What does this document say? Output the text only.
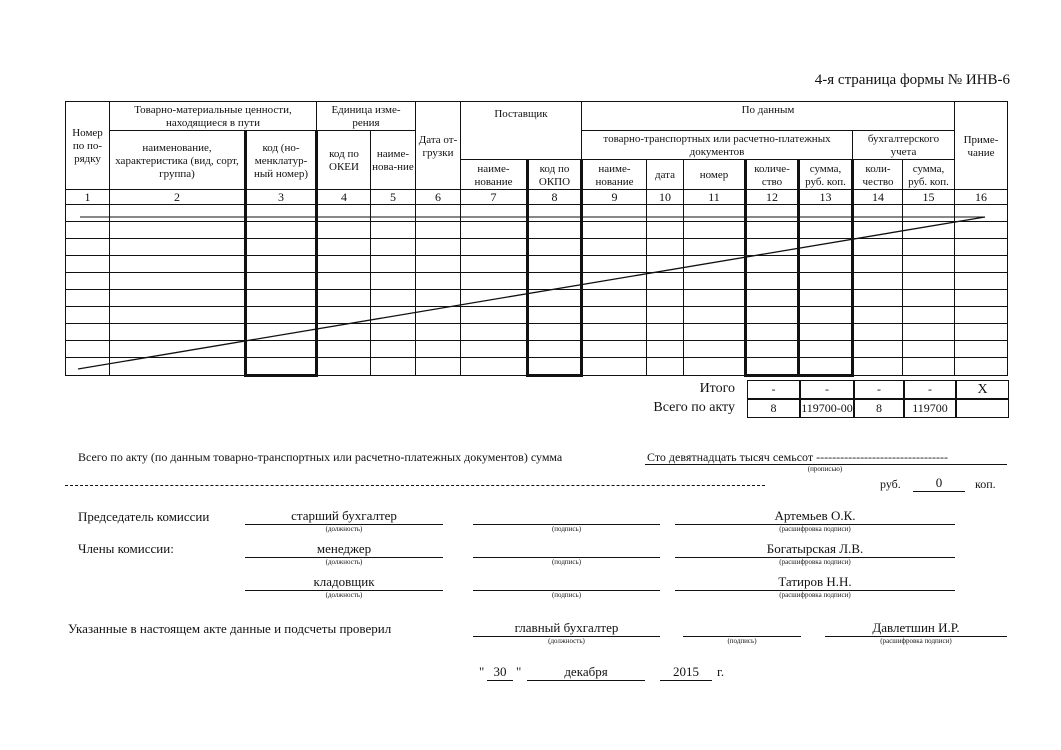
4-я страница формы № ИНВ-6
Номер по по-рядку	Товарно-материальные ценности, находящиеся в пути		Единица изме-рения		Дата от-грузки	Поставщик		По данным							Приме-чание
	наименование, характеристика (вид, сорт, группа)	код (но-менклатур-ный номер)	код по ОКЕИ	наиме-нова-ние				товарно-транспортных или расчетно-платежных документов					бухгалтерского учета		
						наиме-нование	код по ОКПО	наиме-нование	дата	номер	количе-ство	сумма, руб. коп.	коли-чество	сумма, руб. коп.	
1	2	3	4	5	6	7	8	9	10	11	12	13	14	15	16

Итого	-	-	-	-	X
Всего по акту	8	119700-00	8	119700
Всего по акту (по данным товарно-транспортных или расчетно-платежных документов) сумма	Сто девятнадцать тысяч семьсот ---------------------------------
(прописью)
руб.	0	коп.
Председатель комиссии	старший бухгалтер
(должность)	(подпись)
Артемьев О.К.
(расшифровка подписи)
Члены комиссии:	менеджер
(должность)	(подпись)
Богатырская Л.В.
(расшифровка подписи)
кладовщик
(должность)	(подпись)
Татиров Н.Н.
(расшифровка подписи)
Указанные в настоящем акте данные и подсчеты проверил	главный бухгалтер
(должность)	(подпись)
Давлетшин И.Р.
(расшифровка подписи)
" 30 "	декабря	2015	г.
